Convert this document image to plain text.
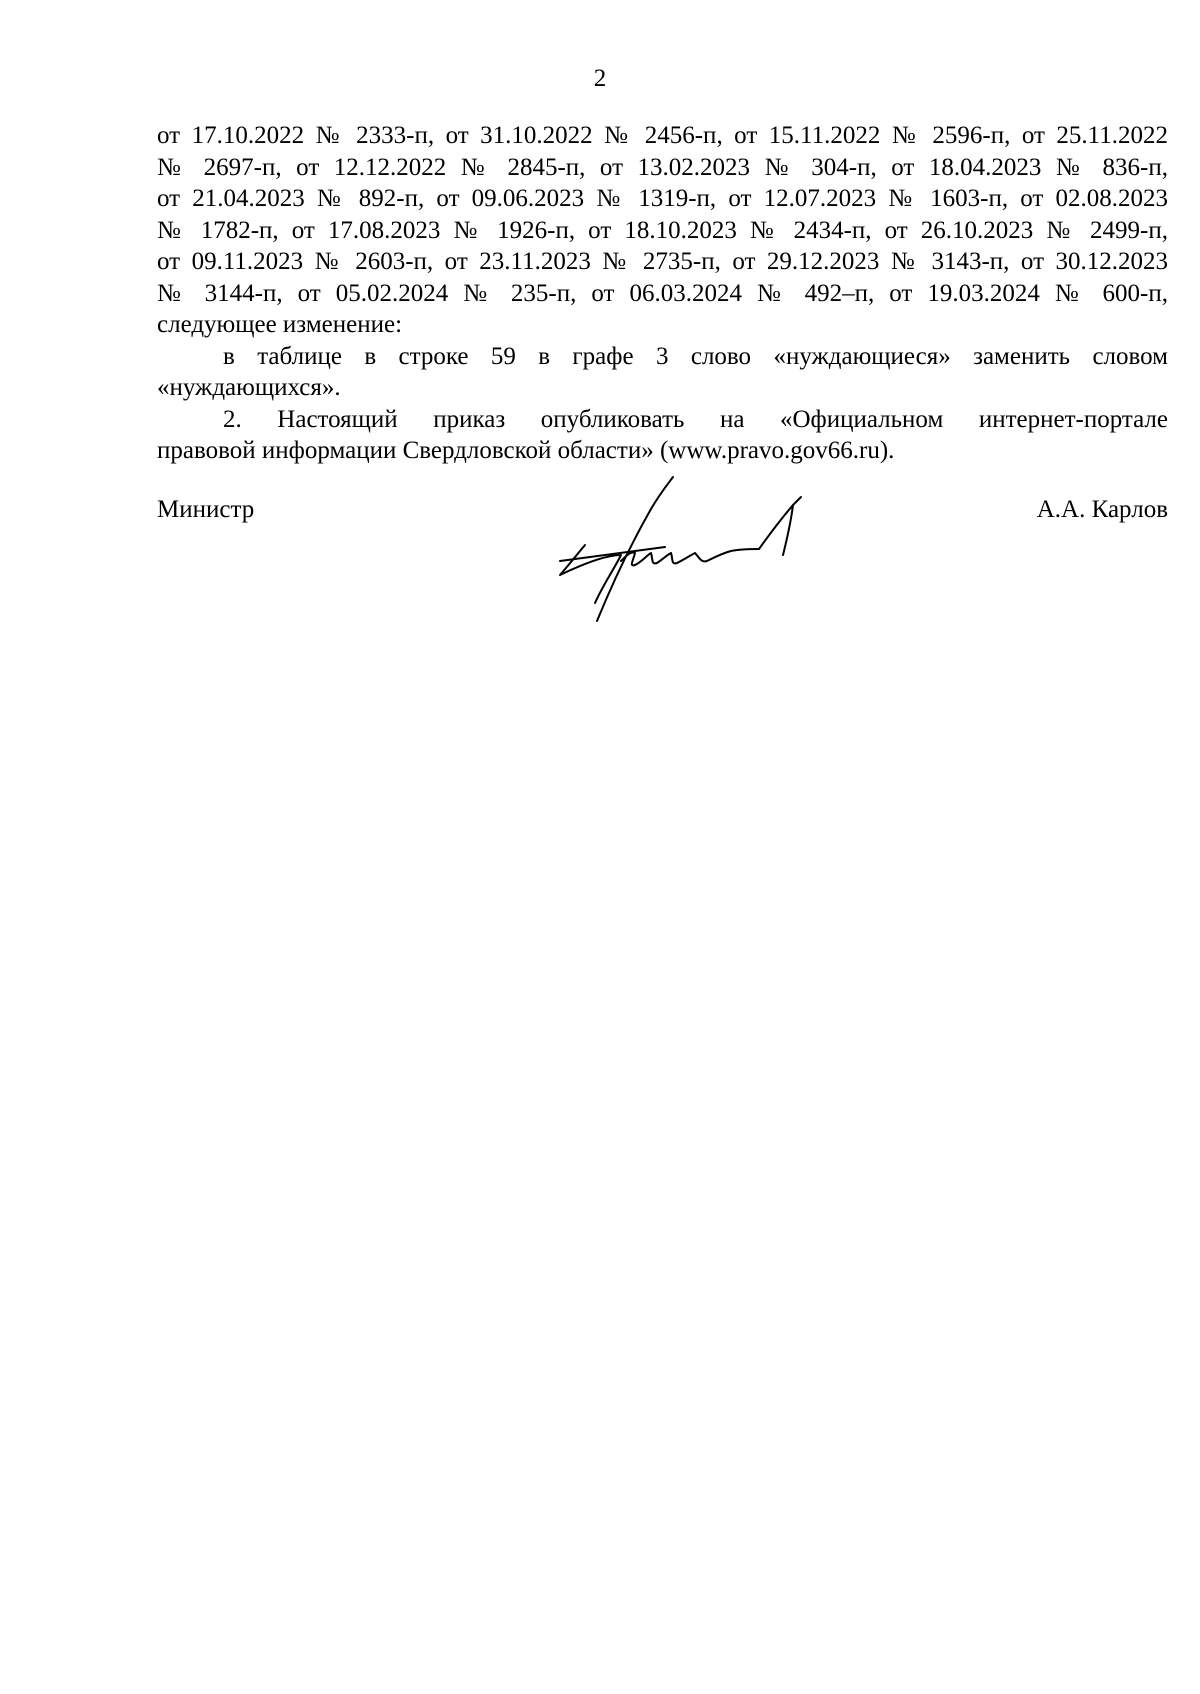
2
от 17.10.2022 № 2333-п, от 31.10.2022 № 2456-п, от 15.11.2022 № 2596-п, от 25.11.2022
№ 2697-п, от 12.12.2022 № 2845-п, от 13.02.2023 № 304-п, от 18.04.2023 № 836-п,
от 21.04.2023 № 892-п, от 09.06.2023 № 1319-п, от 12.07.2023 № 1603-п, от 02.08.2023
№ 1782-п, от 17.08.2023 № 1926-п, от 18.10.2023 № 2434-п, от 26.10.2023 № 2499-п,
от 09.11.2023 № 2603-п, от 23.11.2023 № 2735-п, от 29.12.2023 № 3143-п, от 30.12.2023
№ 3144-п, от 05.02.2024 № 235-п, от 06.03.2024 № 492–п, от 19.03.2024 № 600-п,
следующее изменение:
в таблице в строке 59 в графе 3 слово «нуждающиеся» заменить словом
«нуждающихся».
2. Настоящий приказ опубликовать на «Официальном интернет-портале
правовой информации Свердловской области» (www.pravo.gov66.ru).
Министр	А.А. Карлов
